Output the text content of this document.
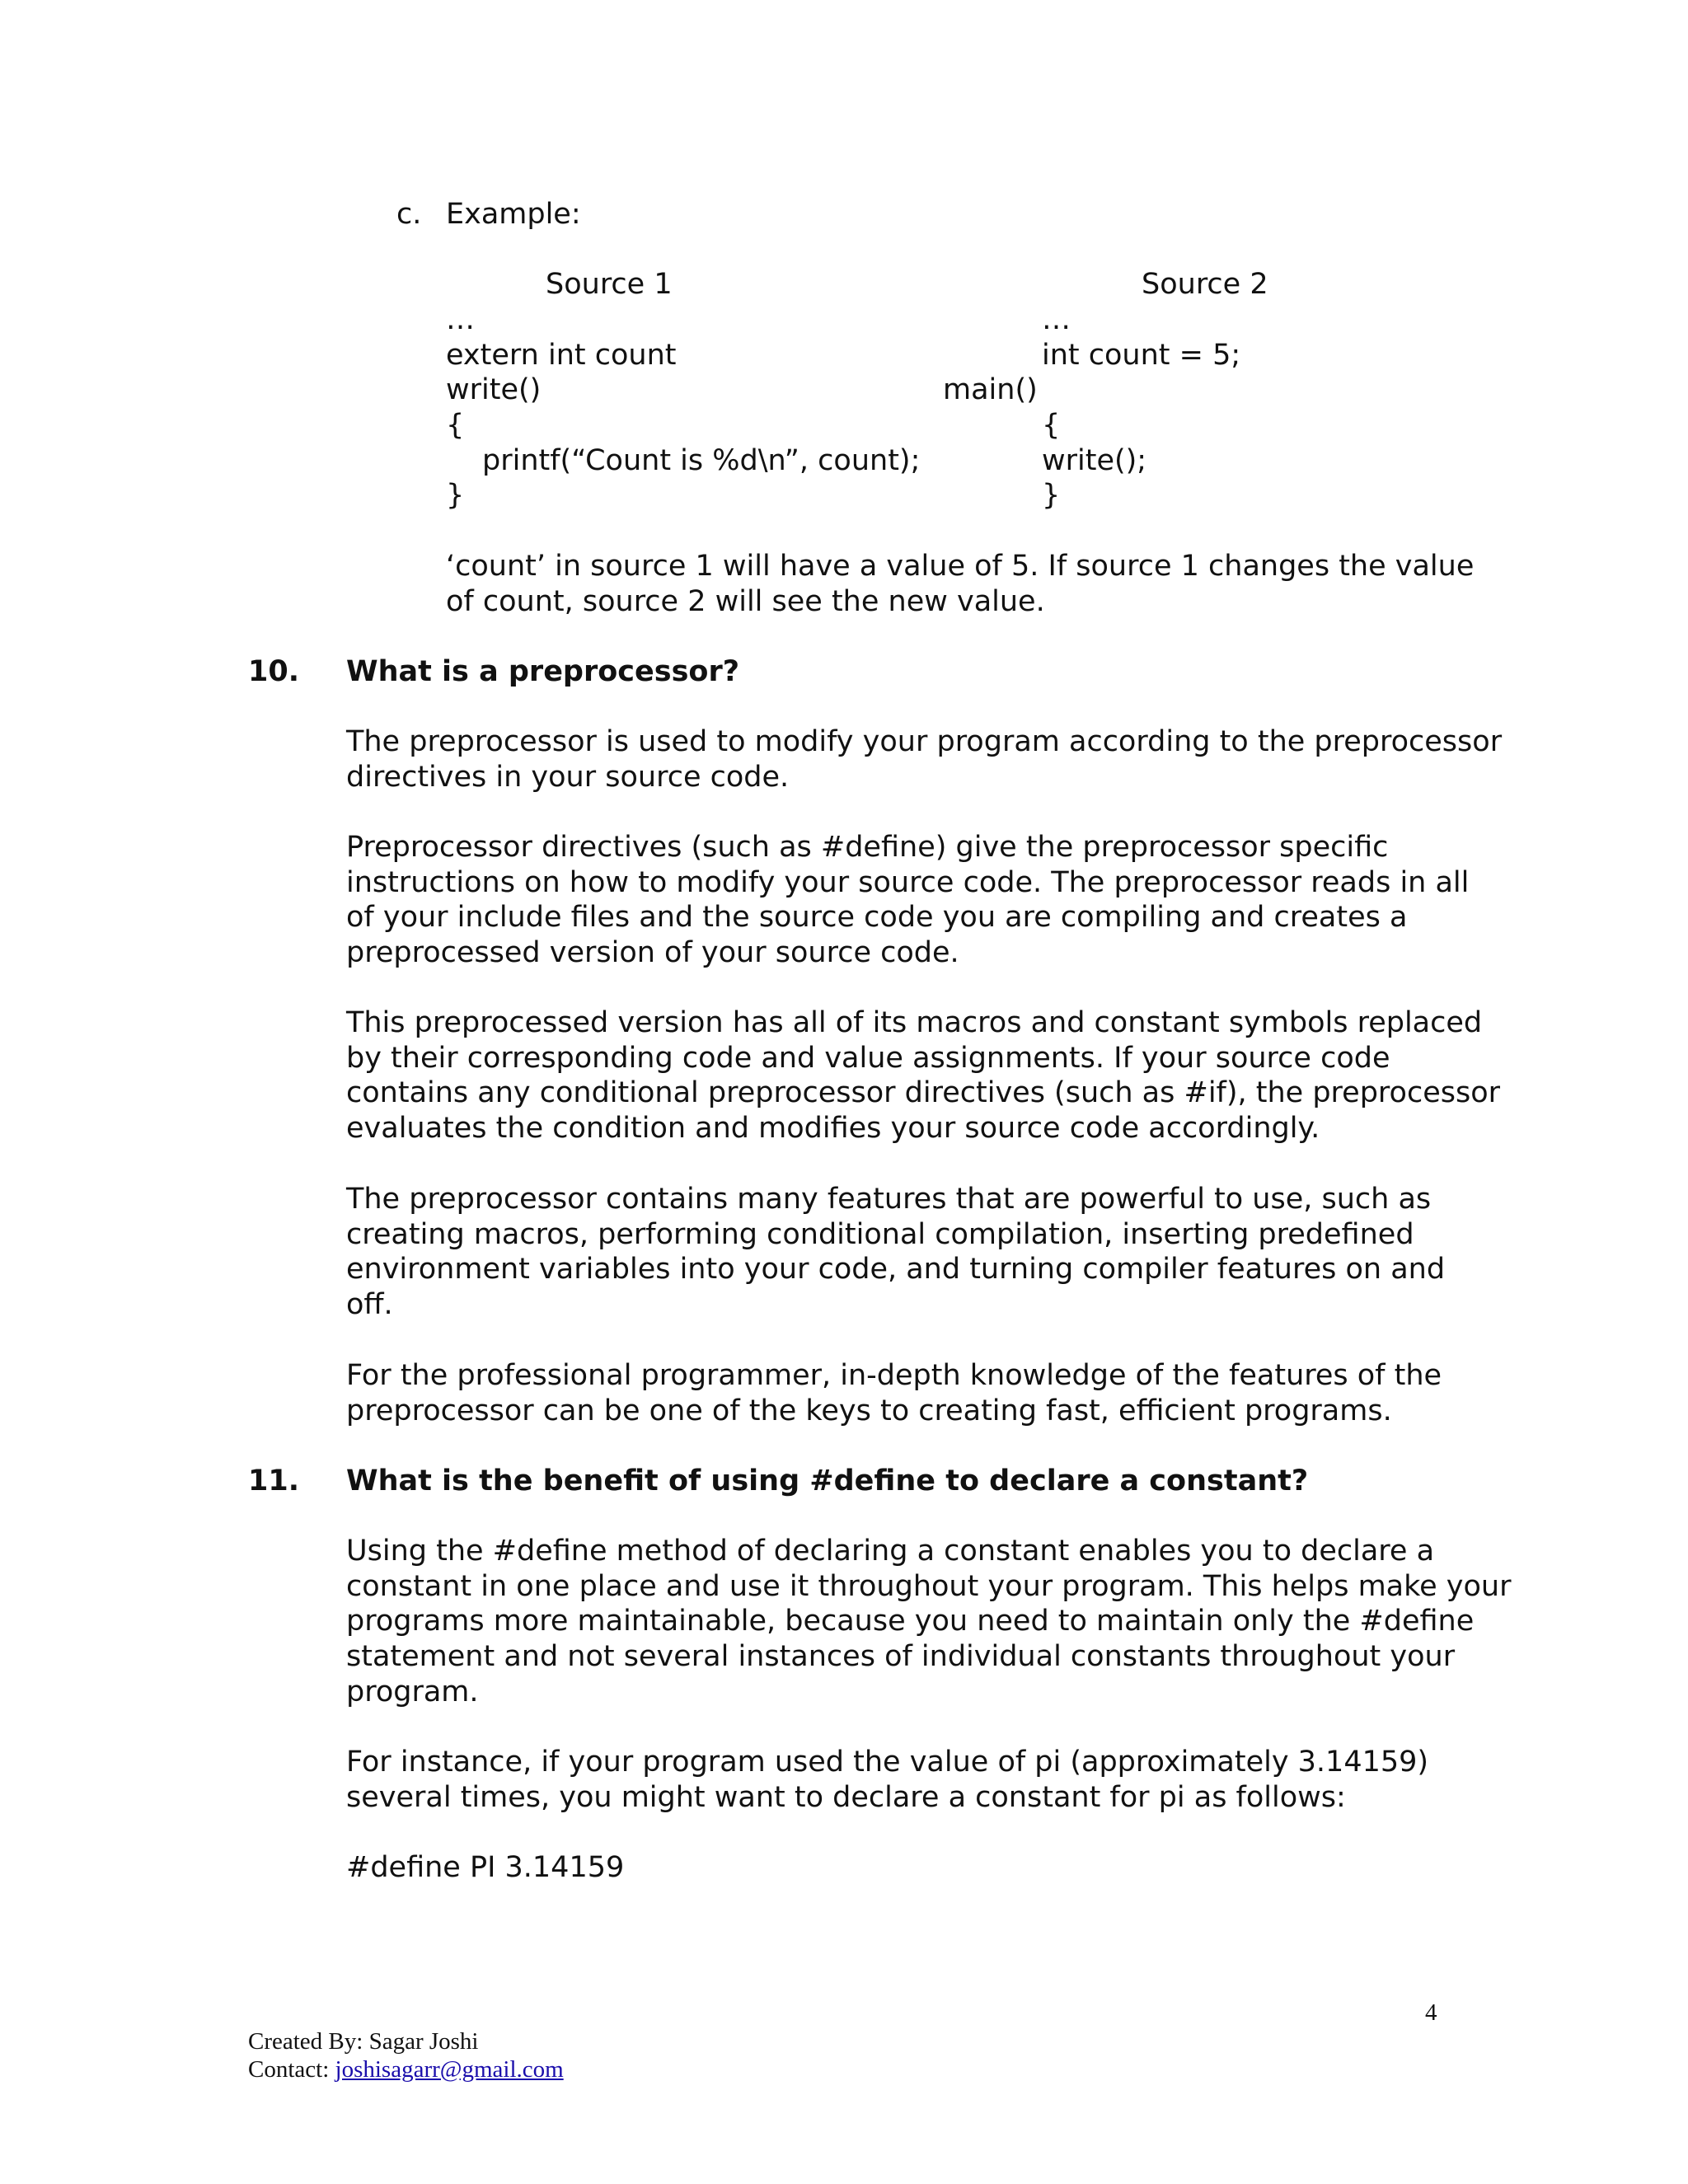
c. Example:
Source 1	Source 2
…
extern int count
write()
{
printf(“Count is %d\n”, count);
}
…
int count = 5;
main()
{
write();
}
‘count’ in source 1 will have a value of 5. If source 1 changes the value
of count, source 2 will see the new value.
10. What is a preprocessor?
The preprocessor is used to modify your program according to the preprocessor
directives in your source code.
Preprocessor directives (such as #define) give the preprocessor specific
instructions on how to modify your source code. The preprocessor reads in all
of your include files and the source code you are compiling and creates a
preprocessed version of your source code.
This preprocessed version has all of its macros and constant symbols replaced
by their corresponding code and value assignments. If your source code
contains any conditional preprocessor directives (such as #if), the preprocessor
evaluates the condition and modifies your source code accordingly.
The preprocessor contains many features that are powerful to use, such as
creating macros, performing conditional compilation, inserting predefined
environment variables into your code, and turning compiler features on and
off.
For the professional programmer, in-depth knowledge of the features of the
preprocessor can be one of the keys to creating fast, efficient programs.
11. What is the benefit of using #define to declare a constant?
Using the #define method of declaring a constant enables you to declare a
constant in one place and use it throughout your program. This helps make your
programs more maintainable, because you need to maintain only the #define
statement and not several instances of individual constants throughout your
program.
For instance, if your program used the value of pi (approximately 3.14159)
several times, you might want to declare a constant for pi as follows:
#define PI 3.14159
4
Created By: Sagar Joshi
Contact: joshisagarr@gmail.com
